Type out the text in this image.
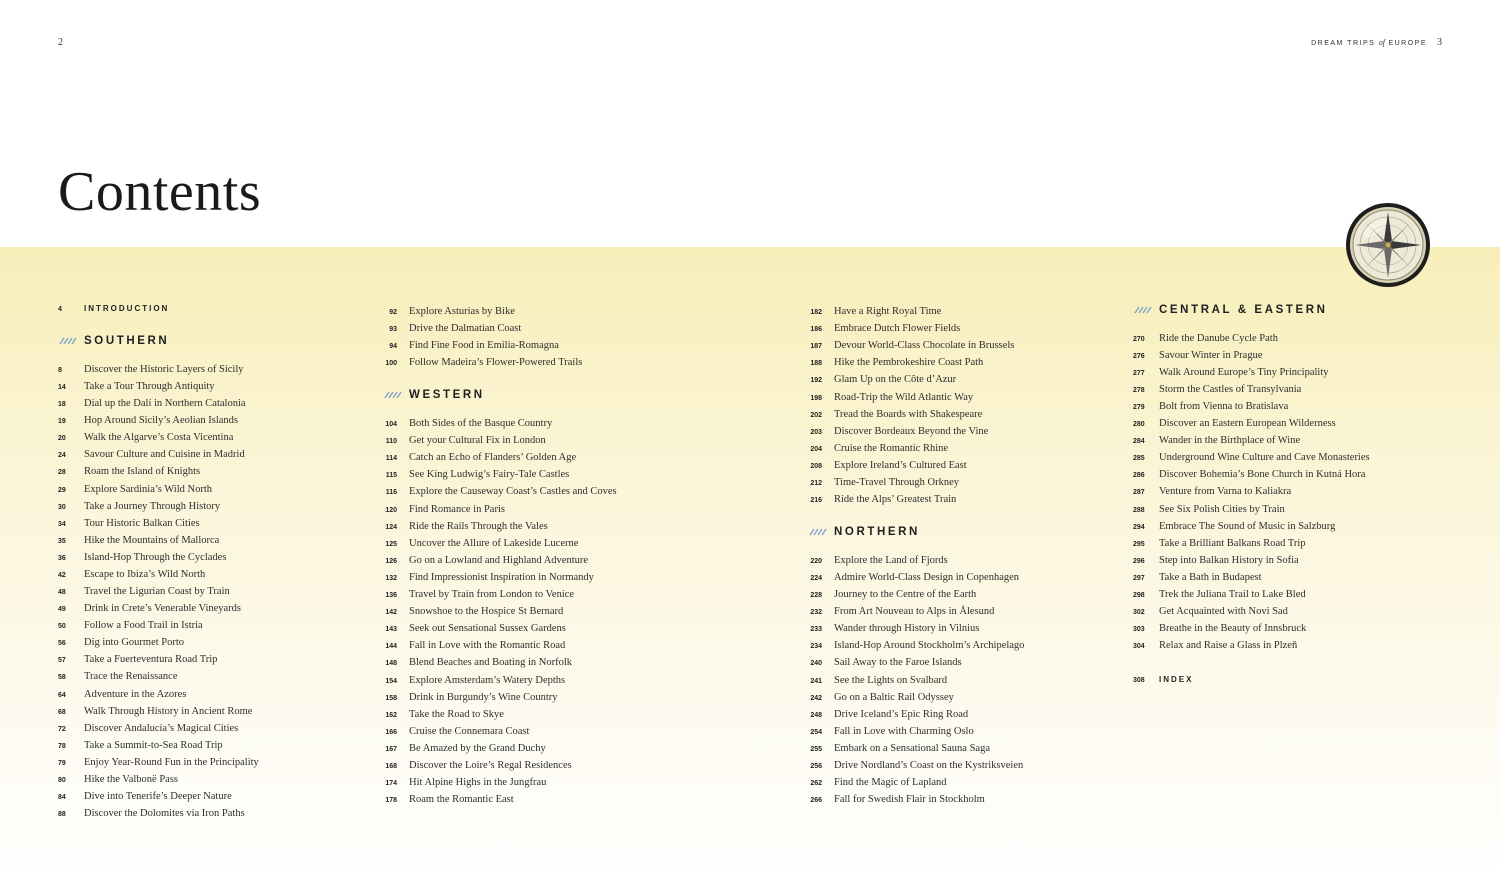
2	DREAM TRIPS of EUROPE 3
Contents
4	INTRODUCTION
SOUTHERN
8	Discover the Historic Layers of Sicily
14	Take a Tour Through Antiquity
18	Dial up the Dalí in Northern Catalonia
19	Hop Around Sicily’s Aeolian Islands
20	Walk the Algarve’s Costa Vicentina
24	Savour Culture and Cuisine in Madrid
28	Roam the Island of Knights
29	Explore Sardinia’s Wild North
30	Take a Journey Through History
34	Tour Historic Balkan Cities
35	Hike the Mountains of Mallorca
36	Island-Hop Through the Cyclades
42	Escape to Ibiza’s Wild North
48	Travel the Ligurian Coast by Train
49	Drink in Crete’s Venerable Vineyards
50	Follow a Food Trail in Istria
56	Dig into Gourmet Porto
57	Take a Fuerteventura Road Trip
58	Trace the Renaissance
64	Adventure in the Azores
68	Walk Through History in Ancient Rome
72	Discover Andalucía’s Magical Cities
78	Take a Summit-to-Sea Road Trip
79	Enjoy Year-Round Fun in the Principality
80	Hike the Valbonë Pass
84	Dive into Tenerife’s Deeper Nature
88	Discover the Dolomites via Iron Paths
92 Explore Asturias by Bike
93 Drive the Dalmatian Coast
94 Find Fine Food in Emilia-Romagna
100 Follow Madeira’s Flower-Powered Trails
WESTERN
104 Both Sides of the Basque Country
110 Get your Cultural Fix in London
114 Catch an Echo of Flanders’ Golden Age
115 See King Ludwig’s Fairy-Tale Castles
116 Explore the Causeway Coast’s Castles and Coves
120 Find Romance in Paris
124 Ride the Rails Through the Vales
125 Uncover the Allure of Lakeside Lucerne
126 Go on a Lowland and Highland Adventure
132 Find Impressionist Inspiration in Normandy
136 Travel by Train from London to Venice
142 Snowshoe to the Hospice St Bernard
143 Seek out Sensational Sussex Gardens
144 Fall in Love with the Romantic Road
148 Blend Beaches and Boating in Norfolk
154 Explore Amsterdam’s Watery Depths
158 Drink in Burgundy’s Wine Country
162 Take the Road to Skye
166 Cruise the Connemara Coast
167 Be Amazed by the Grand Duchy
168 Discover the Loire’s Regal Residences
174 Hit Alpine Highs in the Jungfrau
178 Roam the Romantic East
182 Have a Right Royal Time
186 Embrace Dutch Flower Fields
187 Devour World-Class Chocolate in Brussels
188 Hike the Pembrokeshire Coast Path
192 Glam Up on the Côte d’Azur
198 Road-Trip the Wild Atlantic Way
202 Tread the Boards with Shakespeare
203 Discover Bordeaux Beyond the Vine
204 Cruise the Romantic Rhine
208 Explore Ireland’s Cultured East
212 Time-Travel Through Orkney
216 Ride the Alps’ Greatest Train
NORTHERN
220 Explore the Land of Fjords
224 Admire World-Class Design in Copenhagen
228 Journey to the Centre of the Earth
232 From Art Nouveau to Alps in Ålesund
233 Wander through History in Vilnius
234 Island-Hop Around Stockholm’s Archipelago
240 Sail Away to the Faroe Islands
241 See the Lights on Svalbard
242 Go on a Baltic Rail Odyssey
248 Drive Iceland’s Epic Ring Road
254 Fall in Love with Charming Oslo
255 Embark on a Sensational Sauna Saga
256 Drive Nordland’s Coast on the Kystriksveien
262 Find the Magic of Lapland
266 Fall for Swedish Flair in Stockholm
CENTRAL & EASTERN
270	Ride the Danube Cycle Path
276	Savour Winter in Prague
277	Walk Around Europe’s Tiny Principality
278	Storm the Castles of Transylvania
279	Bolt from Vienna to Bratislava
280	Discover an Eastern European Wilderness
284	Wander in the Birthplace of Wine
285	Underground Wine Culture and Cave Monasteries
286	Discover Bohemia’s Bone Church in Kutná Hora
287	Venture from Varna to Kaliakra
288	See Six Polish Cities by Train
294	Embrace The Sound of Music in Salzburg
295	Take a Brilliant Balkans Road Trip
296	Step into Balkan History in Sofia
297	Take a Bath in Budapest
298	Trek the Juliana Trail to Lake Bled
302	Get Acquainted with Novi Sad
303	Breathe in the Beauty of Innsbruck
304	Relax and Raise a Glass in Plzeň
308	INDEX
